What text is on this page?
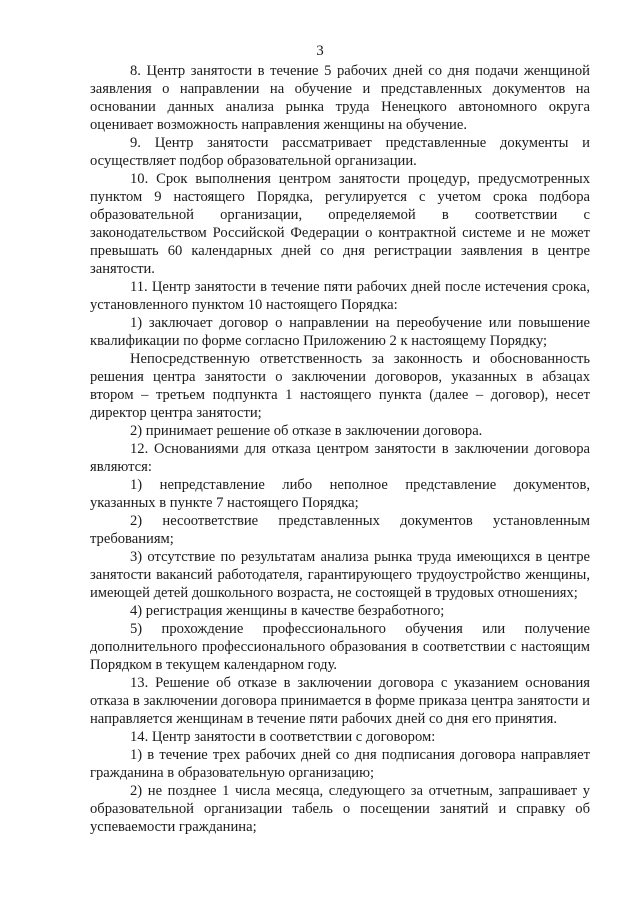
3

8. Центр занятости в течение 5 рабочих дней со дня подачи женщиной заявления о направлении на обучение и представленных документов на основании данных анализа рынка труда Ненецкого автономного округа оценивает возможность направления женщины на обучение.

9. Центр занятости рассматривает представленные документы и осуществляет подбор образовательной организации.

10. Срок выполнения центром занятости процедур, предусмотренных пунктом 9 настоящего Порядка, регулируется с учетом срока подбора образовательной организации, определяемой в соответствии с законодательством Российской Федерации о контрактной системе и не может превышать 60 календарных дней со дня регистрации заявления в центре занятости.

11. Центр занятости в течение пяти рабочих дней после истечения срока, установленного пунктом 10 настоящего Порядка:

1) заключает договор о направлении на переобучение или повышение квалификации по форме согласно Приложению 2 к настоящему Порядку;

Непосредственную ответственность за законность и обоснованность решения центра занятости о заключении договоров, указанных в абзацах втором – третьем подпункта 1 настоящего пункта (далее – договор), несет директор центра занятости;

2) принимает решение об отказе в заключении договора.

12. Основаниями для отказа центром занятости в заключении договора являются:

1) непредставление либо неполное представление документов, указанных в пункте 7 настоящего Порядка;

2) несоответствие представленных документов установленным требованиям;

3) отсутствие по результатам анализа рынка труда имеющихся в центре занятости вакансий работодателя, гарантирующего трудоустройство женщины, имеющей детей дошкольного возраста, не состоящей в трудовых отношениях;

4) регистрация женщины в качестве безработного;

5) прохождение профессионального обучения или получение дополнительного профессионального образования в соответствии с настоящим Порядком в текущем календарном году.

13. Решение об отказе в заключении договора с указанием основания отказа в заключении договора принимается в форме приказа центра занятости и направляется женщинам в течение пяти рабочих дней со дня его принятия.

14. Центр занятости в соответствии с договором:

1) в течение трех рабочих дней со дня подписания договора направляет гражданина в образовательную организацию;

2) не позднее 1 числа месяца, следующего за отчетным, запрашивает у образовательной организации табель о посещении занятий и справку об успеваемости гражданина;
